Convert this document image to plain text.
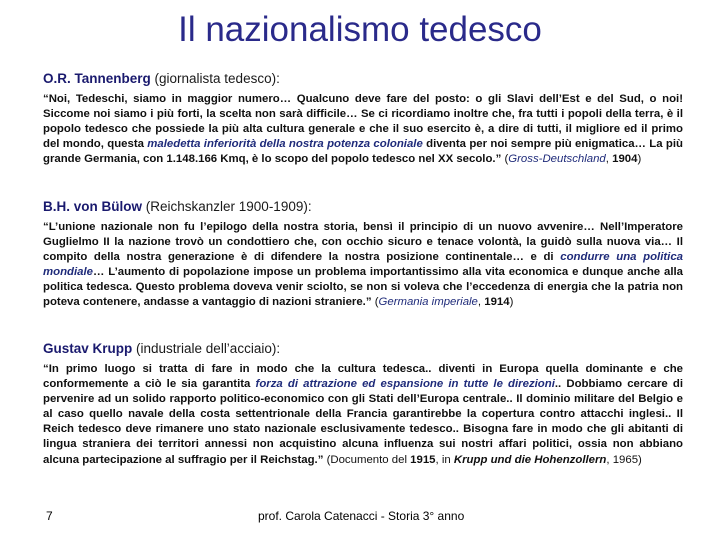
Il nazionalismo tedesco
O.R. Tannenberg (giornalista tedesco):
“Noi, Tedeschi, siamo in maggior numero… Qualcuno deve fare del posto: o gli Slavi dell’Est e del Sud, o noi! Siccome noi siamo i più forti, la scelta non sarà difficile… Se ci ricordiamo inoltre che, fra tutti i popoli della terra, è il popolo tedesco che possiede la più alta cultura generale e che il suo esercito è, a dire di tutti, il migliore ed il primo del mondo, questa maledetta inferiorità della nostra potenza coloniale diventa per noi sempre più enigmatica… La più grande Germania, con 1.148.166 Kmq, è lo scopo del popolo tedesco nel XX secolo.” (Gross-Deutschland, 1904)
B.H. von Bülow (Reichskanzler 1900-1909):
“L’unione nazionale non fu l’epilogo della nostra storia, bensì il principio di un nuovo avvenire… Nell’Imperatore Guglielmo II la nazione trovò un condottiero che, con occhio sicuro e tenace volontà, la guidò sulla nuova via… Il compito della nostra generazione è di difendere la nostra posizione continentale… e di condurre una politica mondiale… L’aumento di popolazione impose un problema importantissimo alla vita economica e dunque anche alla politica tedesca. Questo problema doveva venir sciolto, se non si voleva che l’eccedenza di energia che la patria non poteva contenere, andasse a vantaggio di nazioni straniere.” (Germania imperiale, 1914)
Gustav Krupp (industriale dell’acciaio):
“In primo luogo si tratta di fare in modo che la cultura tedesca.. diventi in Europa quella dominante e che conformemente a ciò le sia garantita forza di attrazione ed espansione in tutte le direzioni.. Dobbiamo cercare di pervenire ad un solido rapporto politico-economico con gli Stati dell’Europa centrale.. Il dominio militare del Belgio e al caso quello navale della costa settentrionale della Francia garantirebbe la copertura contro attacchi inglesi.. Il Reich tedesco deve rimanere uno stato nazionale esclusivamente tedesco.. Bisogna fare in modo che gli abitanti di lingua straniera dei territori annessi non acquistino alcuna influenza sui nostri affari politici, ossia non abbiano alcuna partecipazione al suffragio per il Reichstag.” (Documento del 1915, in Krupp und die Hohenzollern, 1965)
7	prof. Carola Catenacci - Storia 3° anno
